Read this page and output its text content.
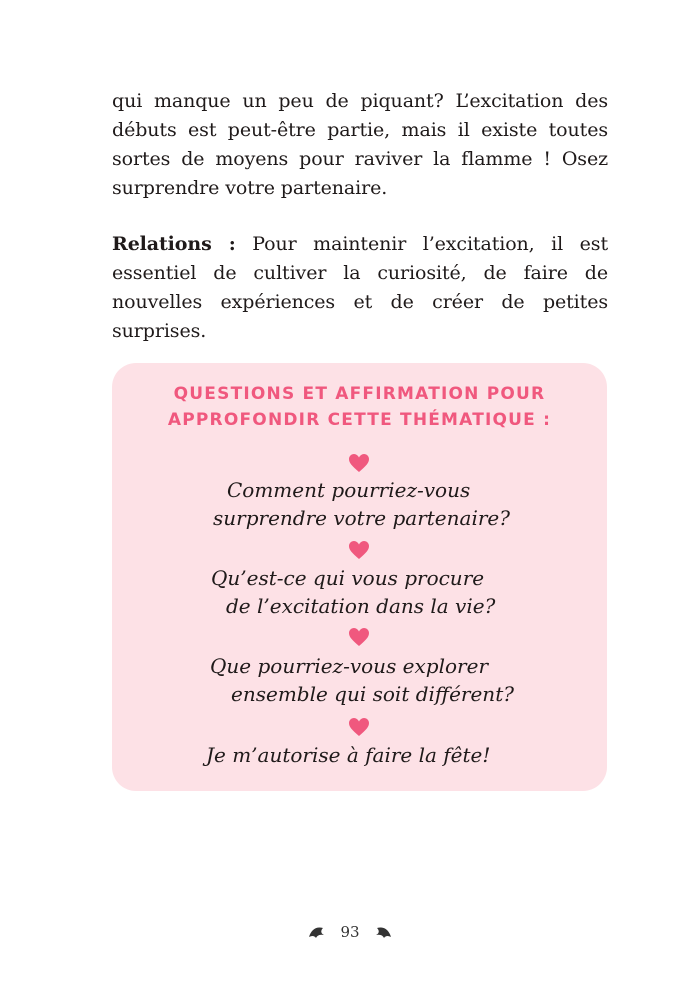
qui manque un peu de piquant? L’excitation des débuts est peut-être partie, mais il existe toutes sortes de moyens pour raviver la flamme ! Osez surprendre votre partenaire.

Relations : Pour maintenir l’excitation, il est essentiel de cultiver la curiosité, de faire de nouvelles expériences et de créer de petites surprises.

QUESTIONS ET AFFIRMATION POUR
APPROFONDIR CETTE THÉMATIQUE :
Comment pourriez-vous
surprendre votre partenaire?
Qu’est-ce qui vous procure
de l’excitation dans la vie?
Que pourriez-vous explorer
ensemble qui soit différent?
Je m’autorise à faire la fête!
93
